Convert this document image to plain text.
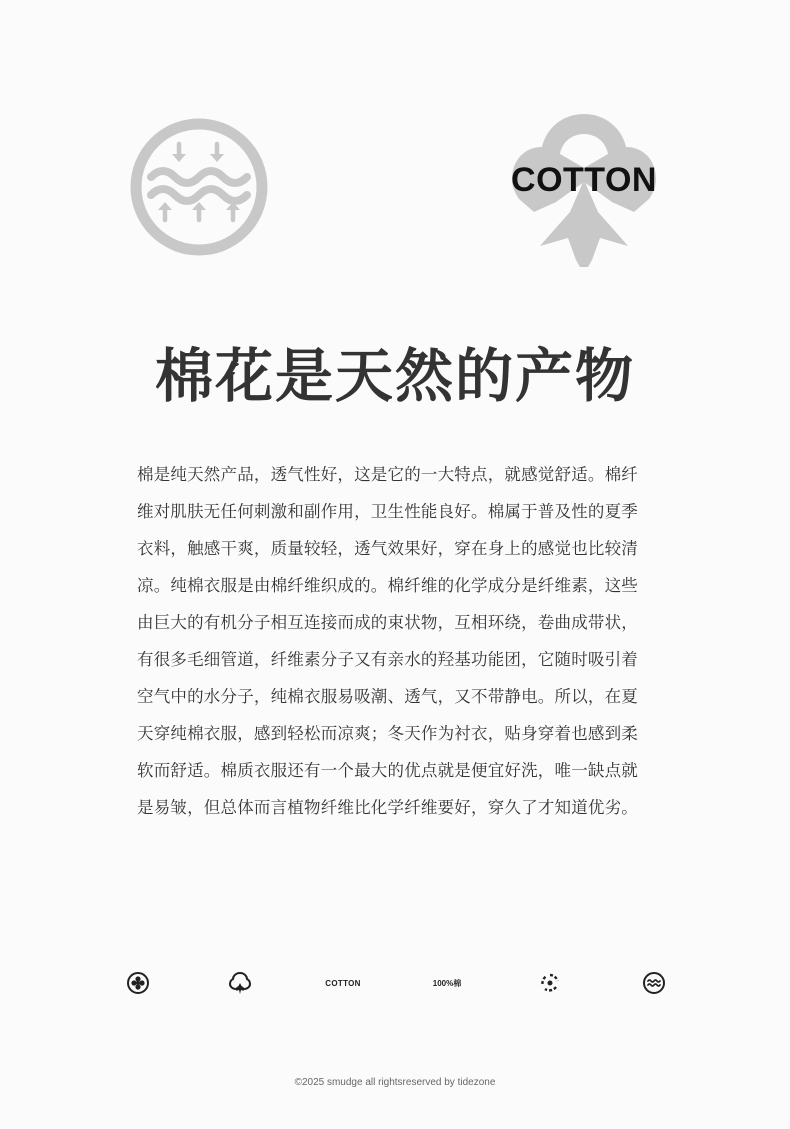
COTTON
棉花是天然的产物
棉是纯天然产品，透气性好，这是它的一大特点，就感觉舒适。棉纤
维对肌肤无任何刺激和副作用，卫生性能良好。棉属于普及性的夏季
衣料，触感干爽，质量较轻，透气效果好，穿在身上的感觉也比较清
凉。纯棉衣服是由棉纤维织成的。棉纤维的化学成分是纤维素，这些
由巨大的有机分子相互连接而成的束状物，互相环绕，卷曲成带状，
有很多毛细管道，纤维素分子又有亲水的羟基功能团，它随时吸引着
空气中的水分子，纯棉衣服易吸潮、透气，又不带静电。所以，在夏
天穿纯棉衣服，感到轻松而凉爽；冬天作为衬衣，贴身穿着也感到柔
软而舒适。棉质衣服还有一个最大的优点就是便宜好洗，唯一缺点就
是易皱，但总体而言植物纤维比化学纤维要好，穿久了才知道优劣。
COTTON	100%棉
©2025 smudge all rightsreserved by tidezone
